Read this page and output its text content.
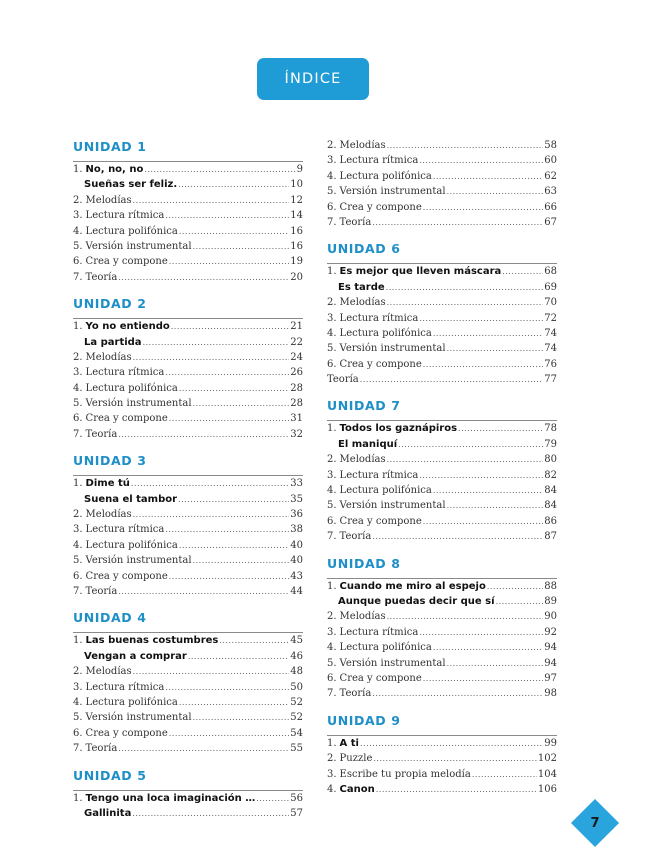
ÍNDICE
UNIDAD 1
1. No, no, no .....	9
Sueñas ser feliz. .....	10
2. Melodías .....	12
3. Lectura rítmica .....	14
4. Lectura polifónica .....	16
5. Versión instrumental .....	16
6. Crea y compone .....	19
7. Teoría .....	20
UNIDAD 2
1. Yo no entiendo .....	21
La partida .....	22
2. Melodías .....	24
3. Lectura rítmica .....	26
4. Lectura polifónica .....	28
5. Versión instrumental .....	28
6. Crea y compone .....	31
7. Teoría .....	32
UNIDAD 3
1. Dime tú .....	33
Suena el tambor .....	35
2. Melodías .....	36
3. Lectura rítmica .....	38
4. Lectura polifónica .....	40
5. Versión instrumental .....	40
6. Crea y compone .....	43
7. Teoría .....	44
UNIDAD 4
1. Las buenas costumbres .....	45
Vengan a comprar .....	46
2. Melodías .....	48
3. Lectura rítmica .....	50
4. Lectura polifónica .....	52
5. Versión instrumental .....	52
6. Crea y compone .....	54
7. Teoría .....	55
UNIDAD 5
1. Tengo una loca imaginación … .....	56
Gallinita .....	57
2. Melodías .....	58
3. Lectura rítmica .....	60
4. Lectura polifónica .....	62
5. Versión instrumental .....	63
6. Crea y compone .....	66
7. Teoría .....	67
UNIDAD 6
1. Es mejor que lleven máscara .....	68
Es tarde .....	69
2. Melodías .....	70
3. Lectura rítmica .....	72
4. Lectura polifónica .....	74
5. Versión instrumental .....	74
6. Crea y compone .....	76
Teoría .....	77
UNIDAD 7
1. Todos los gaznápiros .....	78
El maniquí .....	79
2. Melodías .....	80
3. Lectura rítmica .....	82
4. Lectura polifónica .....	84
5. Versión instrumental .....	84
6. Crea y compone .....	86
7. Teoría .....	87
UNIDAD 8
1. Cuando me miro al espejo .....	88
Aunque puedas decir que sí .....	89
2. Melodías .....	90
3. Lectura rítmica .....	92
4. Lectura polifónica .....	94
5. Versión instrumental .....	94
6. Crea y compone .....	97
7. Teoría .....	98
UNIDAD 9
1. A ti .....	99
2. Puzzle .....	102
3. Escribe tu propia melodía .....	104
4. Canon .....	106
7
